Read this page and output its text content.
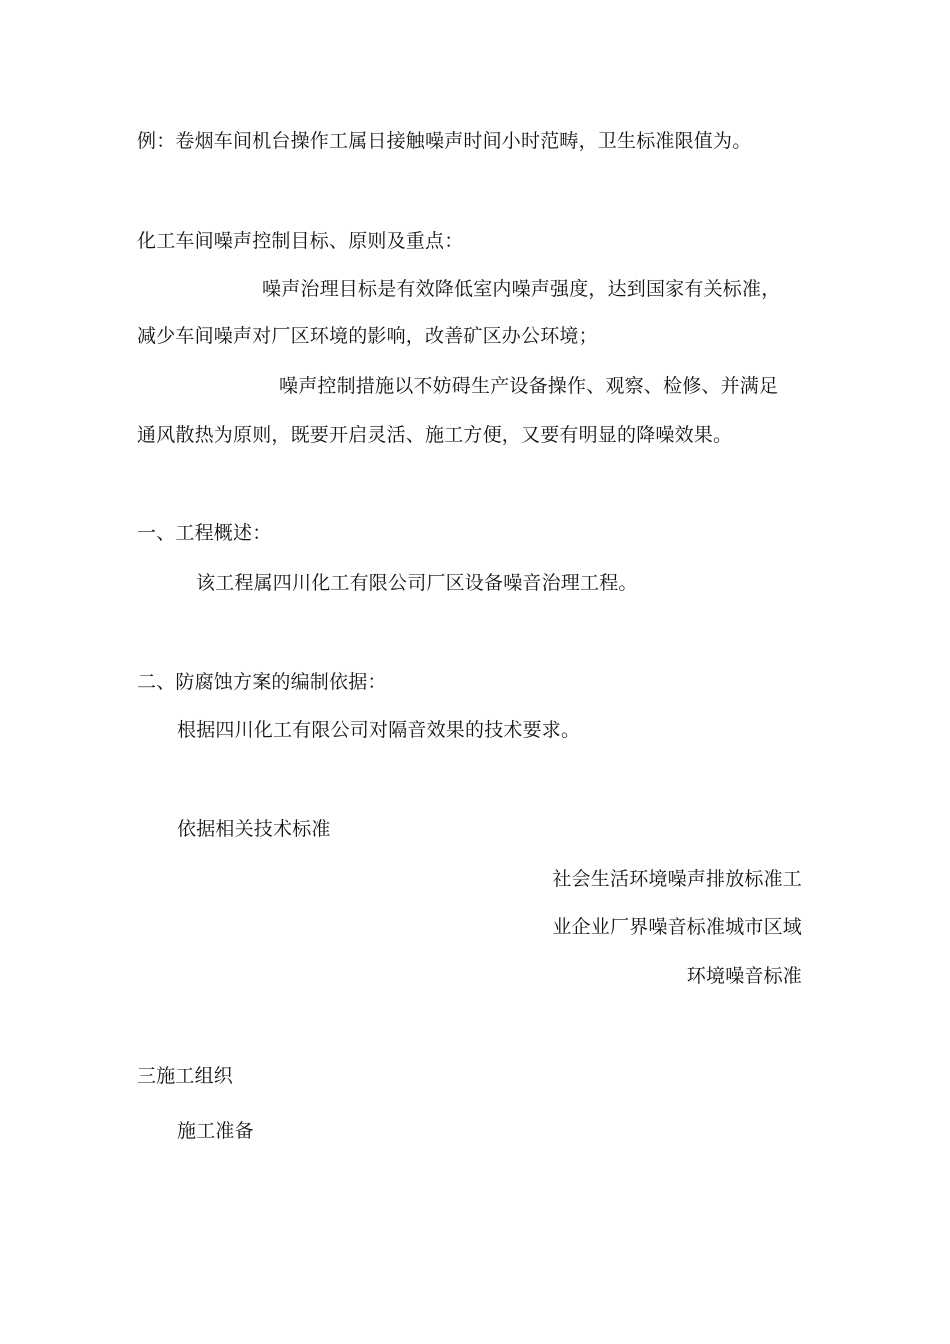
例：卷烟车间机台操作工属日接触噪声时间小时范畴，卫生标准限值为。
化工车间噪声控制目标、原则及重点：
噪声治理目标是有效降低室内噪声强度，达到国家有关标准，
减少车间噪声对厂区环境的影响，改善矿区办公环境；
噪声控制措施以不妨碍生产设备操作、观察、检修、并满足
通风散热为原则，既要开启灵活、施工方便，又要有明显的降噪效果。
一、工程概述：
该工程属四川化工有限公司厂区设备噪音治理工程。
二、防腐蚀方案的编制依据：
根据四川化工有限公司对隔音效果的技术要求。
依据相关技术标准
社会生活环境噪声排放标准工
业企业厂界噪音标准城市区域
环境噪音标准
三施工组织
施工准备
